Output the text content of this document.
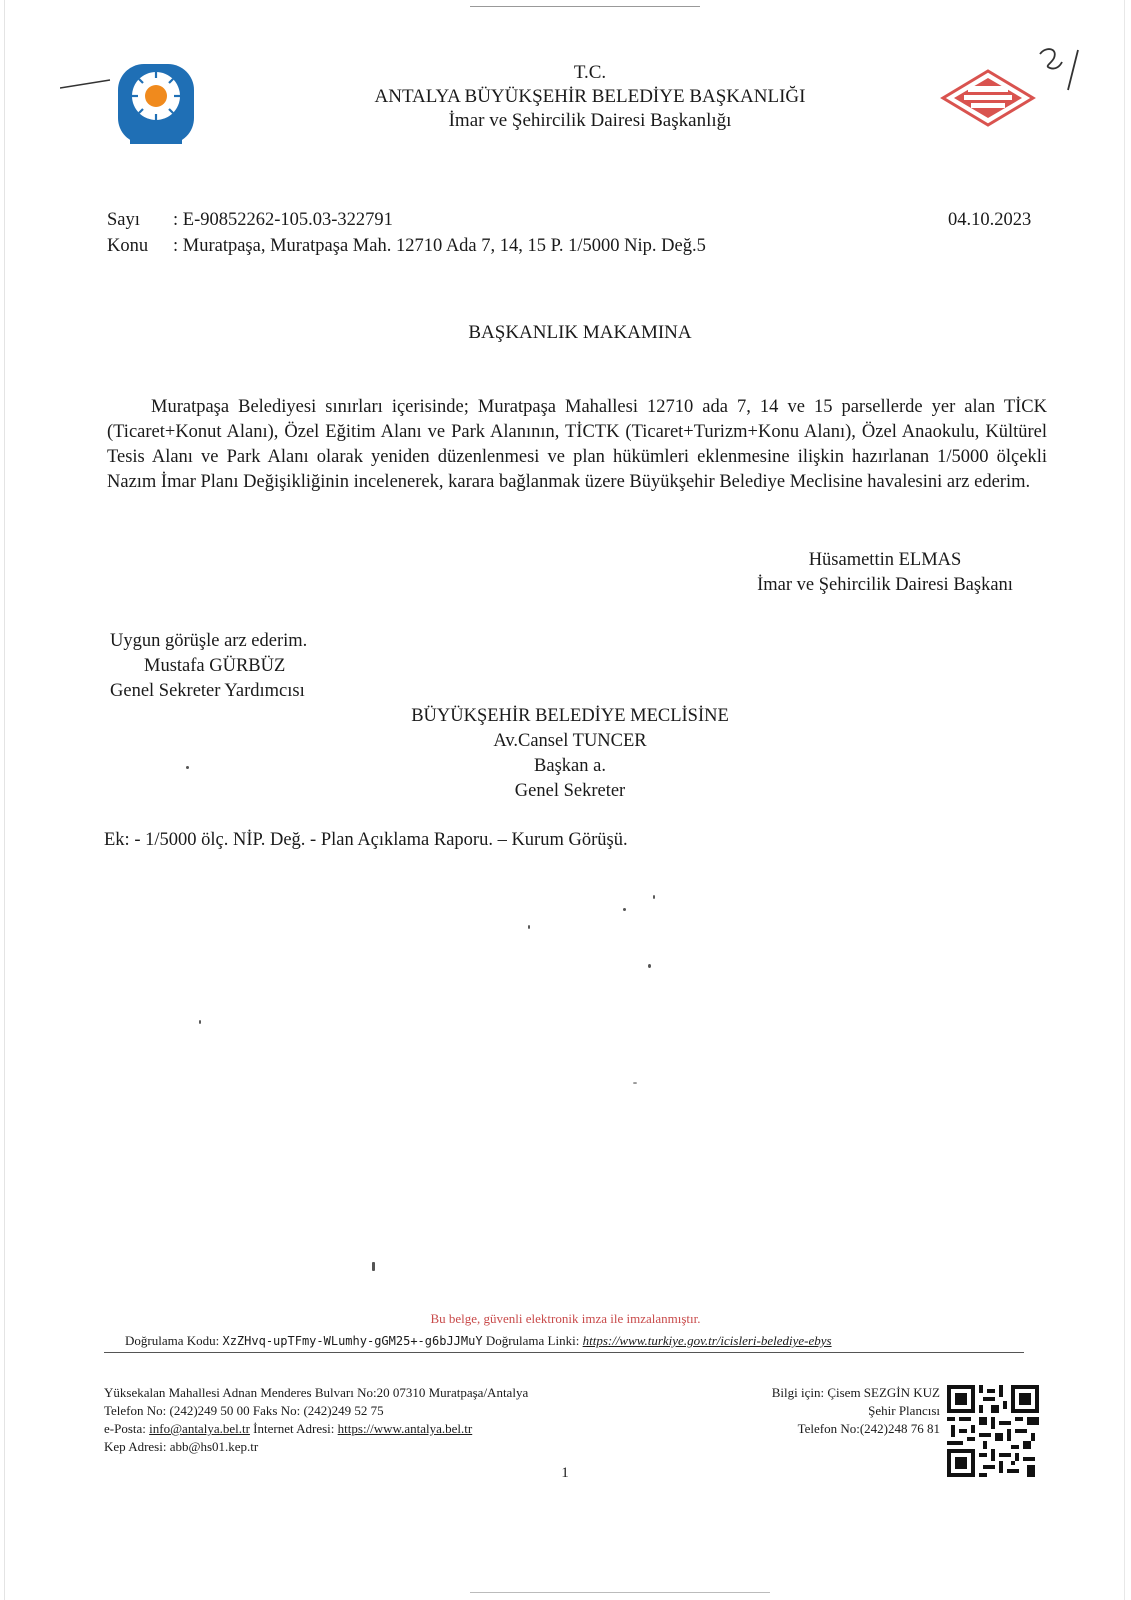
T.C.
ANTALYA BÜYÜKŞEHİR BELEDİYE BAŞKANLIĞI
İmar ve Şehircilik Dairesi Başkanlığı
Sayı : E-90852262-105.03-322791
Konu : Muratpaşa, Muratpaşa Mah. 12710 Ada 7, 14, 15 P. 1/5000 Nip. Değ.5
04.10.2023
BAŞKANLIK MAKAMINA

Muratpaşa Belediyesi sınırları içerisinde; Muratpaşa Mahallesi 12710 ada 7, 14 ve 15 parsellerde yer alan TİCK (Ticaret+Konut Alanı), Özel Eğitim Alanı ve Park Alanının, TİCTK (Ticaret+Turizm+Konu Alanı), Özel Anaokulu, Kültürel Tesis Alanı ve Park Alanı olarak yeniden düzenlenmesi ve plan hükümleri eklenmesine ilişkin hazırlanan 1/5000 ölçekli Nazım İmar Planı Değişikliğinin incelenerek, karara bağlanmak üzere Büyükşehir Belediye Meclisine havalesini arz ederim.

Hüsamettin ELMAS
İmar ve Şehircilik Dairesi Başkanı
Uygun görüşle arz ederim.
Mustafa GÜRBÜZ
Genel Sekreter Yardımcısı
BÜYÜKŞEHİR BELEDİYE MECLİSİNE
Av.Cansel TUNCER
Başkan a.
Genel Sekreter
Ek: - 1/5000 ölç. NİP. Değ. - Plan Açıklama Raporu. – Kurum Görüşü.
Bu belge, güvenli elektronik imza ile imzalanmıştır.
Doğrulama Kodu: XzZHvq-upTFmy-WLumhy-gGM25+-g6bJJMuY Doğrulama Linki: https://www.turkiye.gov.tr/icisleri-belediye-ebys
Yüksekalan Mahallesi Adnan Menderes Bulvarı No:20 07310 Muratpaşa/Antalya
Telefon No: (242)249 50 00 Faks No: (242)249 52 75
e-Posta: info@antalya.bel.tr İnternet Adresi: https://www.antalya.bel.tr
Kep Adresi: abb@hs01.kep.tr
Bilgi için: Çisem SEZGİN KUZ
Şehir Plancısı
Telefon No:(242)248 76 81
1
